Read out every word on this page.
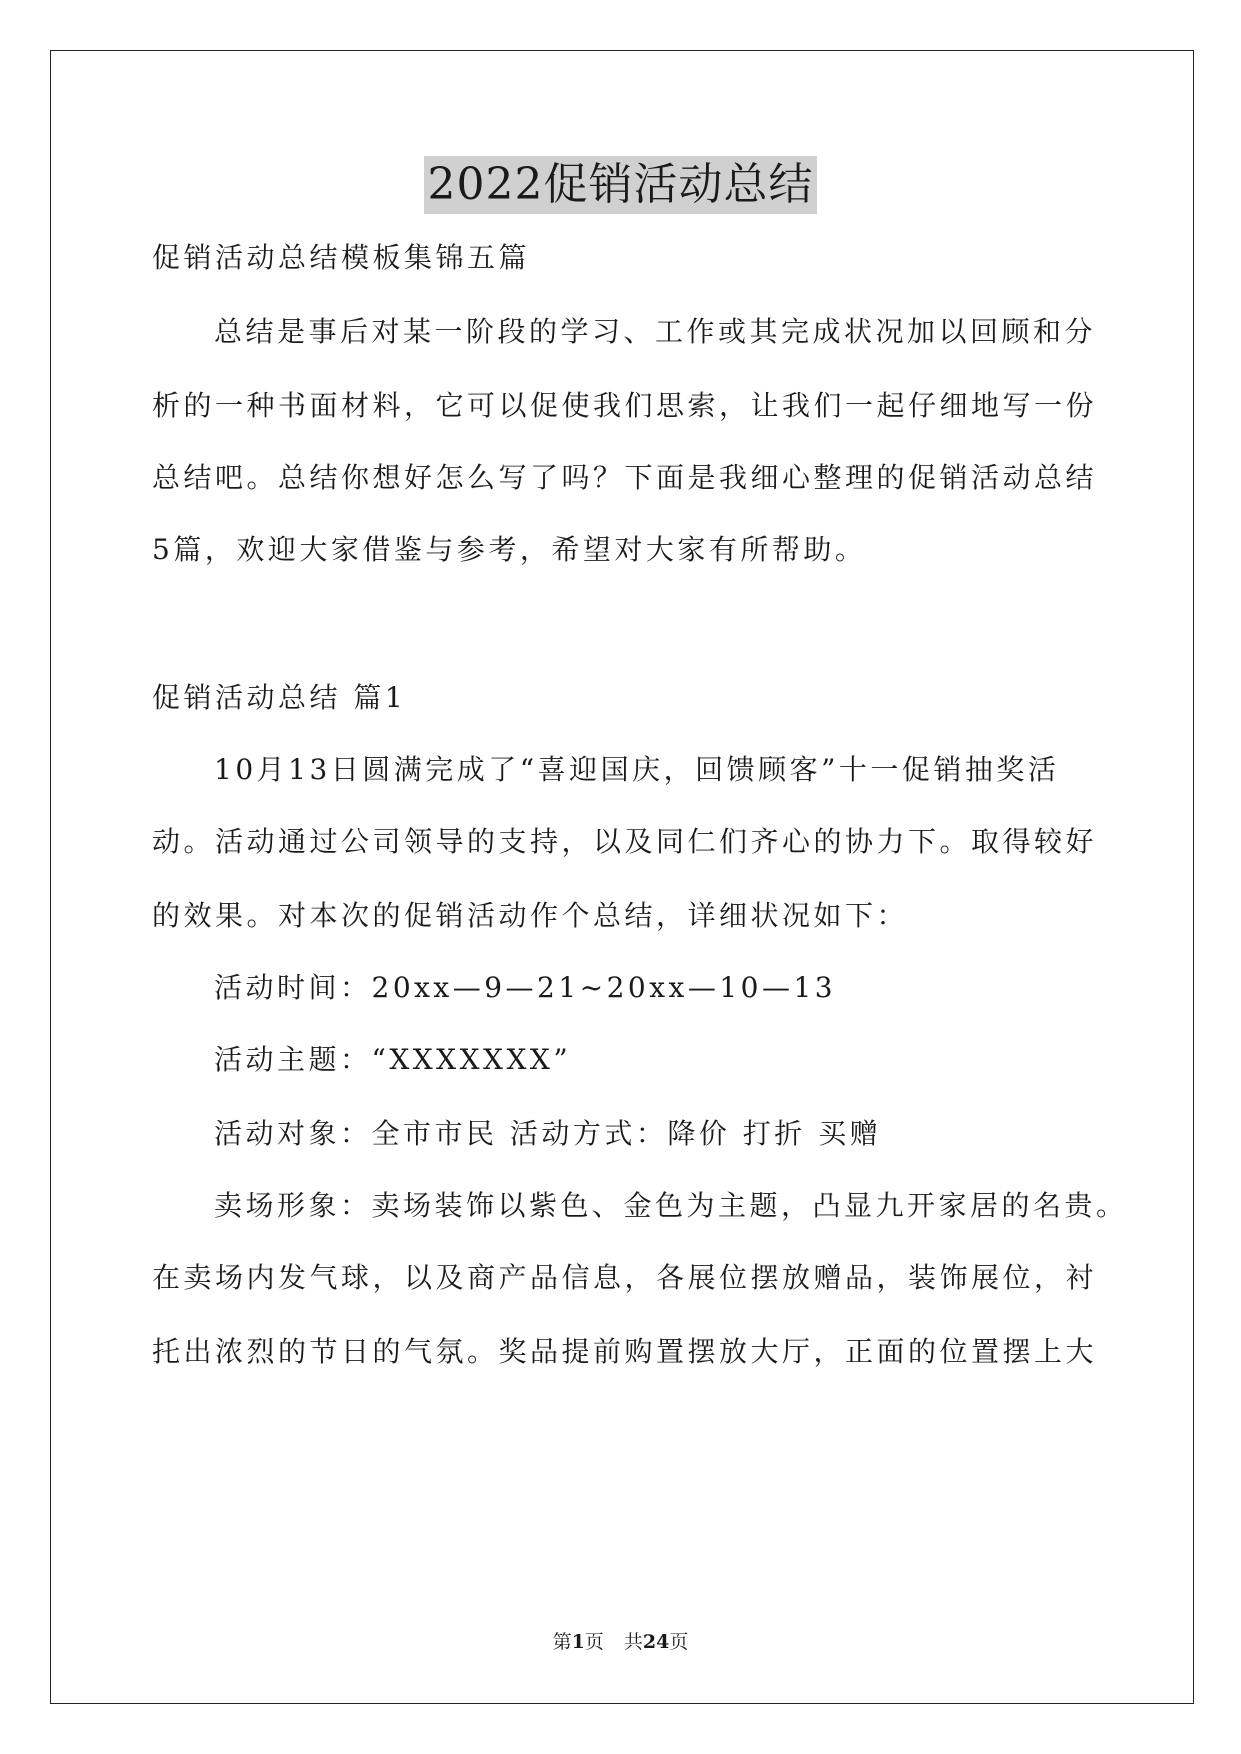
2022促销活动总结
促销活动总结模板集锦五篇
总结是事后对某一阶段的学习、工作或其完成状况加以回顾和分
析的一种书面材料，它可以促使我们思索，让我们一起仔细地写一份
总结吧。总结你想好怎么写了吗？下面是我细心整理的促销活动总结
5篇，欢迎大家借鉴与参考，希望对大家有所帮助。
促销活动总结 篇1
10月13日圆满完成了“喜迎国庆，回馈顾客”十一促销抽奖活
动。活动通过公司领导的支持，以及同仁们齐心的协力下。取得较好
的效果。对本次的促销活动作个总结，详细状况如下：
活动时间：20xx—9—21~20xx—10—13
活动主题：“XXXXXXX”
活动对象：全市市民 活动方式：降价 打折 买赠
卖场形象：卖场装饰以紫色、金色为主题，凸显九开家居的名贵。
在卖场内发气球，以及商产品信息，各展位摆放赠品，装饰展位，衬
托出浓烈的节日的气氛。奖品提前购置摆放大厅，正面的位置摆上大
第1页 共24页
